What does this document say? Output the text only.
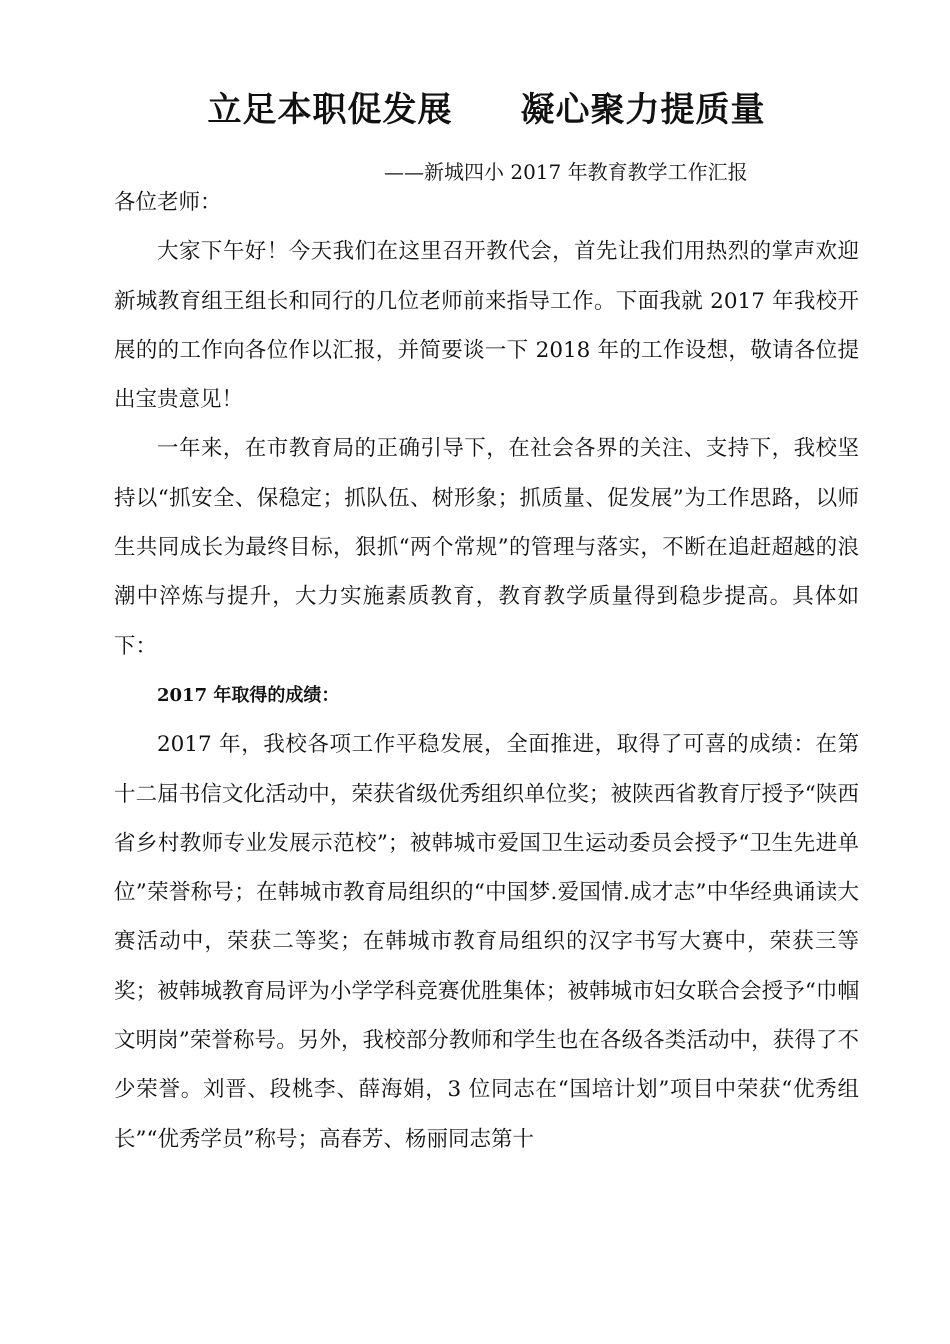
立足本职促发展 凝心聚力提质量
——新城四小 2017 年教育教学工作汇报

各位老师：

大家下午好！今天我们在这里召开教代会，首先让我们用热烈的掌声欢迎新城教育组王组长和同行的几位老师前来指导工作。下面我就 2017 年我校开展的的工作向各位作以汇报，并简要谈一下 2018 年的工作设想，敬请各位提出宝贵意见！

一年来，在市教育局的正确引导下，在社会各界的关注、支持下，我校坚持以“抓安全、保稳定；抓队伍、树形象；抓质量、促发展”为工作思路，以师生共同成长为最终目标，狠抓“两个常规”的管理与落实，不断在追赶超越的浪潮中淬炼与提升，大力实施素质教育，教育教学质量得到稳步提高。具体如下：

2017 年取得的成绩：

2017 年，我校各项工作平稳发展，全面推进，取得了可喜的成绩：在第十二届书信文化活动中，荣获省级优秀组织单位奖；被陕西省教育厅授予“陕西省乡村教师专业发展示范校”；被韩城市爱国卫生运动委员会授予“卫生先进单位”荣誉称号；在韩城市教育局组织的“中国梦.爱国情.成才志”中华经典诵读大赛活动中，荣获二等奖；在韩城市教育局组织的汉字书写大赛中，荣获三等奖；被韩城教育局评为小学学科竞赛优胜集体；被韩城市妇女联合会授予“巾帼文明岗”荣誉称号。另外，我校部分教师和学生也在各级各类活动中，获得了不少荣誉。刘晋、段桃李、薛海娟，3 位同志在“国培计划”项目中荣获“优秀组长”“优秀学员”称号；高春芳、杨丽同志第十
